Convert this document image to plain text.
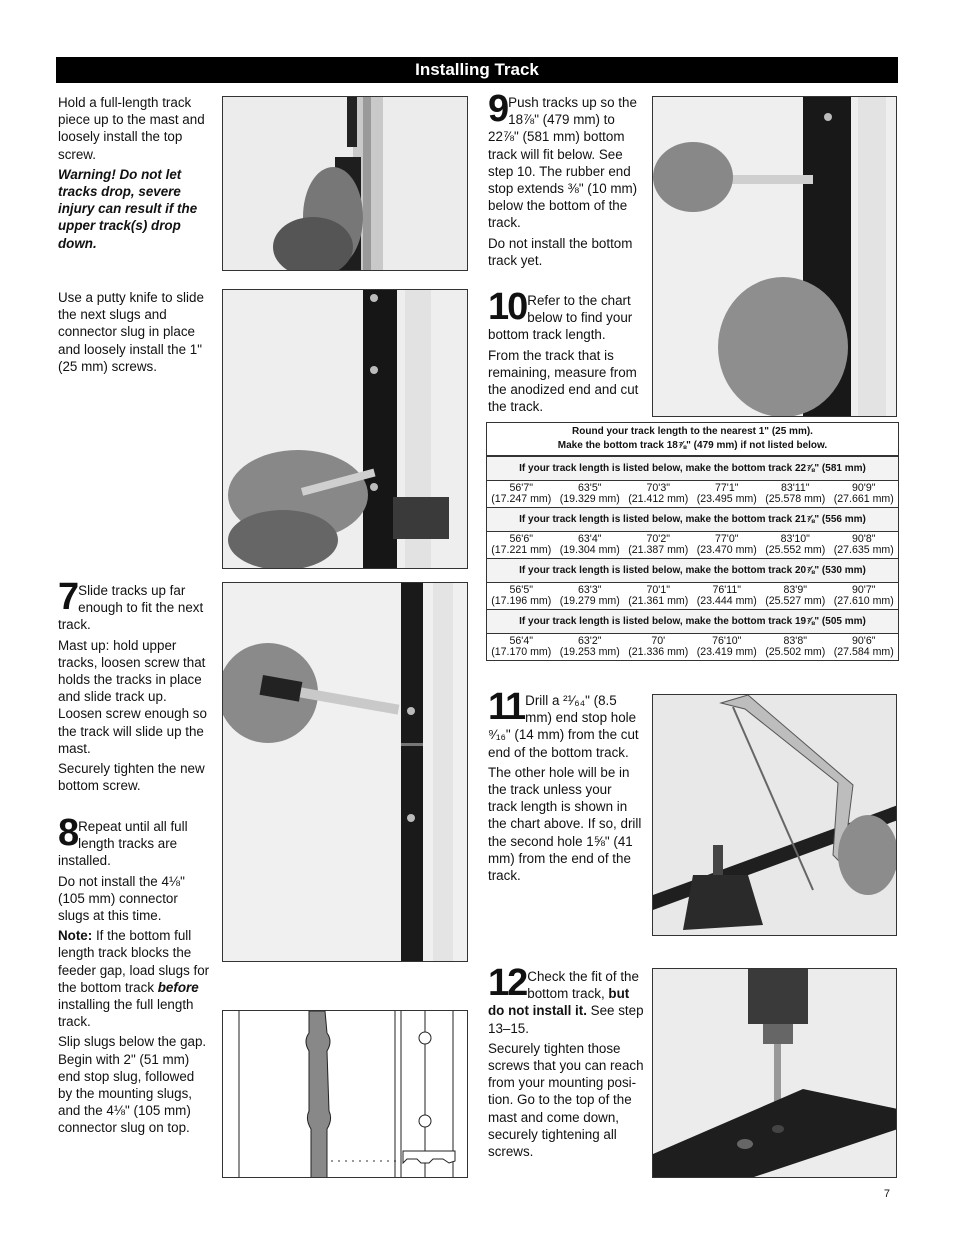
Installing Track

Hold a full-length track piece up to the mast and loosely install the top screw.

Warning! Do not let tracks drop, severe injury can result if the upper track(s) drop down.

Use a putty knife to slide the next slugs and connector slug in place and loosely install the 1" (25 mm) screws.

7 Slide tracks up far enough to fit the next track.

Mast up: hold upper tracks, loosen screw that holds the tracks in place and slide track up. Loosen screw enough so the track will slide up the mast.

Securely tighten the new bottom screw.

8 Repeat until all full length tracks are installed.

Do not install the 4⅛" (105 mm) connector slugs at this time.

Note: If the bottom full length track blocks the feeder gap, load slugs for the bottom track before installing the full length track.

Slip slugs below the gap. Begin with 2" (51 mm) end stop slug, followed by the mounting slugs, and the 4⅛" (105 mm) connector slug on top.

9 Push tracks up so the 18⅞" (479 mm) to 22⅞" (581 mm) bottom track will fit below. See step 10. The rubber end stop extends ⅜" (10 mm) below the bottom of the track.

Do not install the bottom track yet.

10 Refer to the chart below to find your bottom track length.

From the track that is remaining, measure from the anodized end and cut the track.

Round your track length to the nearest 1" (25 mm).
Make the bottom track 18⅞" (479 mm) if not listed below.
If your track length is listed below, make the bottom track 22⅞" (581 mm)
56'7"
(17.247 mm)
63'5"
(19.329 mm)
70'3"
(21.412 mm)
77'1"
(23.495 mm)
83'11"
(25.578 mm)
90'9"
(27.661 mm)
If your track length is listed below, make the bottom track 21⅞" (556 mm)
56'6"
(17.221 mm)
63'4"
(19.304 mm)
70'2"
(21.387 mm)
77'0"
(23.470 mm)
83'10"
(25.552 mm)
90'8"
(27.635 mm)
If your track length is listed below, make the bottom track 20⅞" (530 mm)
56'5"
(17.196 mm)
63'3"
(19.279 mm)
70'1"
(21.361 mm)
76'11"
(23.444 mm)
83'9"
(25.527 mm)
90'7"
(27.610 mm)
If your track length is listed below, make the bottom track 19⅞" (505 mm)
56'4"
(17.170 mm)
63'2"
(19.253 mm)
70'
(21.336 mm)
76'10"
(23.419 mm)
83'8"
(25.502 mm)
90'6"
(27.584 mm)

11 Drill a ²¹⁄₆₄" (8.5 mm) end stop hole ⁹⁄₁₆" (14 mm) from the cut end of the bottom track.

The other hole will be in the track unless your track length is shown in the chart above. If so, drill the second hole 1⅝" (41 mm) from the end of the track.

12 Check the fit of the bottom track, but do not install it. See step 13–15.

Securely tighten those screws that you can reach from your mounting posi-tion. Go to the top of the mast and come down, securely tightening all screws.

7
